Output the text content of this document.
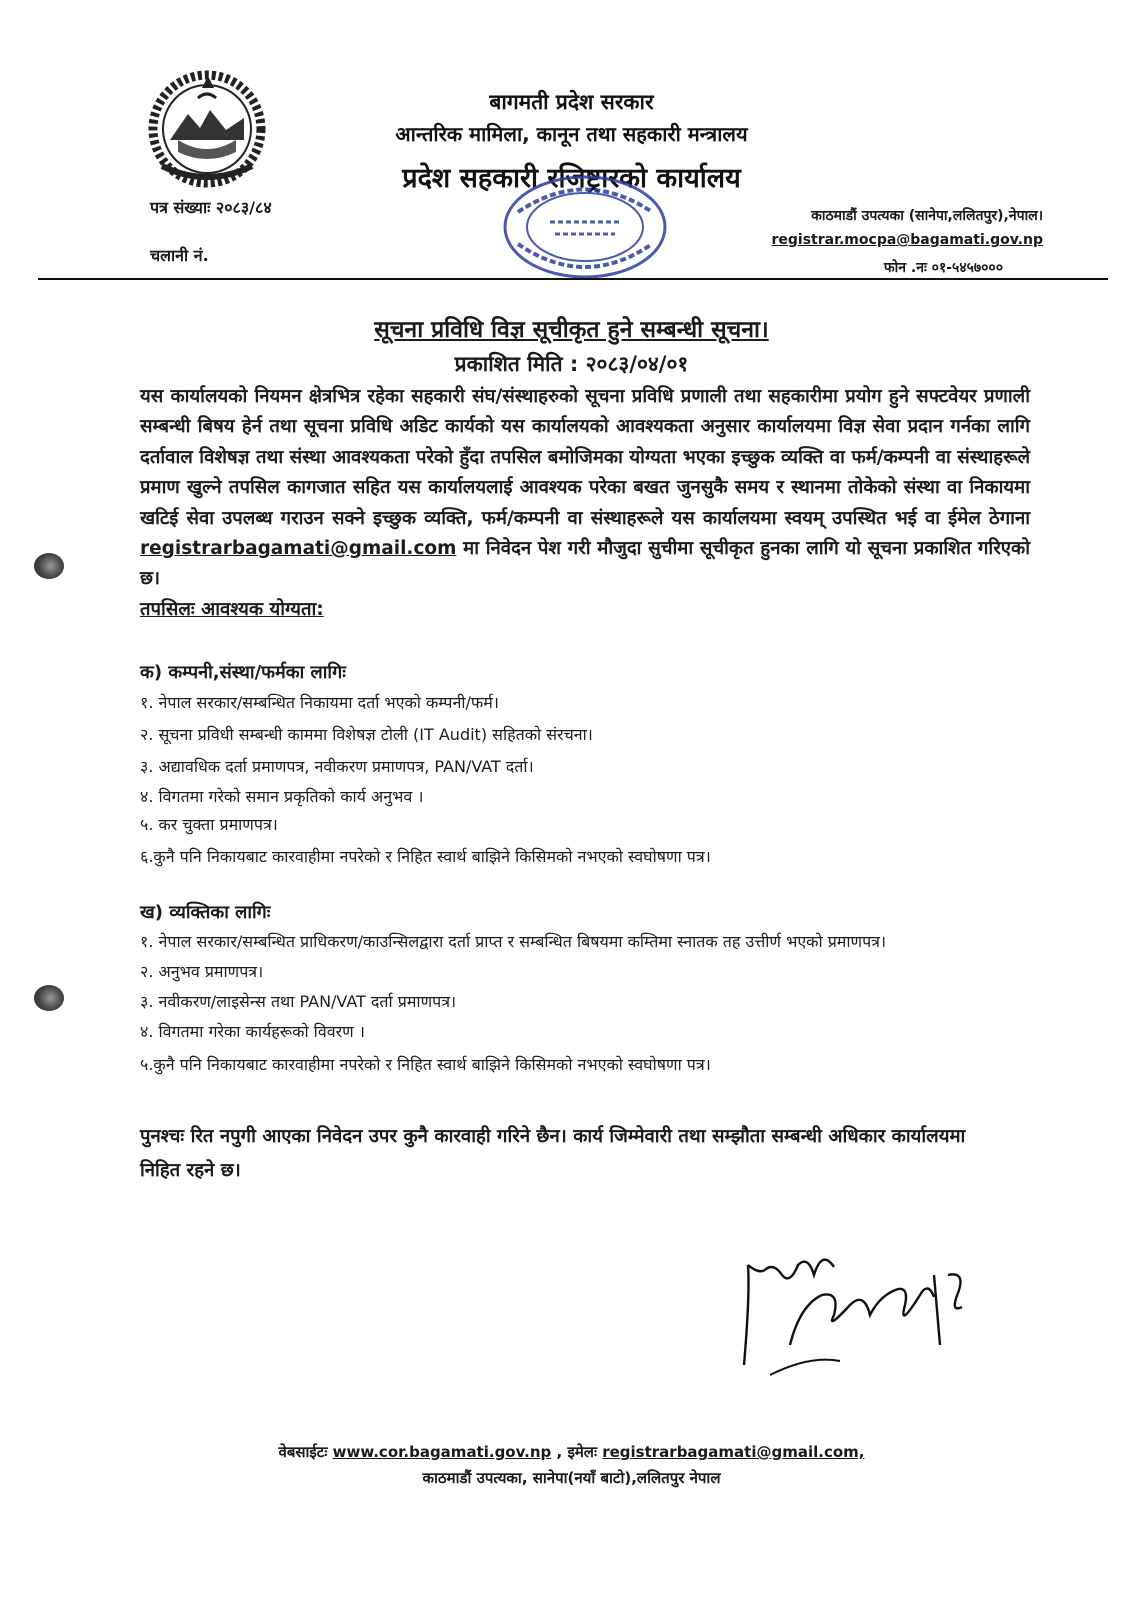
बागमती प्रदेश सरकार
आन्तरिक मामिला, कानून तथा सहकारी मन्त्रालय
प्रदेश सहकारी रजिष्ट्रारको कार्यालय
पत्र संख्याः २०८३/८४
चलानी नं.
काठमाडौं उपत्यका (सानेपा,ललितपुर),नेपाल।
registrar.mocpa@bagamati.gov.np
फोन .नः ०१-५४५७०००
सूचना प्रविधि विज्ञ सूचीकृत हुने सम्बन्धी सूचना।
प्रकाशित मिति : २०८३/०४/०१
यस कार्यालयको नियमन क्षेत्रभित्र रहेका सहकारी संघ/संस्थाहरुको सूचना प्रविधि प्रणाली तथा सहकारीमा प्रयोग हुने सफ्टवेयर प्रणाली सम्बन्धी बिषय हेर्न तथा सूचना प्रविधि अडिट कार्यको यस कार्यालयको आवश्यकता अनुसार कार्यालयमा विज्ञ सेवा प्रदान गर्नका लागि दर्तावाल विशेषज्ञ तथा संस्था आवश्यकता परेको हुँदा तपसिल बमोजिमका योग्यता भएका इच्छुक व्यक्ति वा फर्म/कम्पनी वा संस्थाहरूले प्रमाण खुल्ने तपसिल कागजात सहित यस कार्यालयलाई आवश्यक परेका बखत जुनसुकै समय र स्थानमा तोकेको संस्था वा निकायमा खटिई सेवा उपलब्ध गराउन सक्ने इच्छुक व्यक्ति, फर्म/कम्पनी वा संस्थाहरूले यस कार्यालयमा स्वयम् उपस्थित भई वा ईमेल ठेगाना registrarbagamati@gmail.com मा निवेदन पेश गरी मौजुदा सुचीमा सूचीकृत हुनका लागि यो सूचना प्रकाशित गरिएको छ।
तपसिलः आवश्यक योग्यता:
क) कम्पनी,संस्था/फर्मका लागिः
१. नेपाल सरकार/सम्बन्धित निकायमा दर्ता भएको कम्पनी/फर्म।
२. सूचना प्रविधी सम्बन्धी काममा विशेषज्ञ टोली (IT Audit) सहितको संरचना।
३. अद्यावधिक दर्ता प्रमाणपत्र, नवीकरण प्रमाणपत्र, PAN/VAT दर्ता।
४. विगतमा गरेको समान प्रकृतिको कार्य अनुभव ।
५. कर चुक्ता प्रमाणपत्र।
६.कुनै पनि निकायबाट कारवाहीमा नपरेको र निहित स्वार्थ बाझिने किसिमको नभएको स्वघोषणा पत्र।
ख) व्यक्तिका लागिः
१. नेपाल सरकार/सम्बन्धित प्राधिकरण/काउन्सिलद्वारा दर्ता प्राप्त र सम्बन्धित बिषयमा कम्तिमा स्नातक तह उत्तीर्ण भएको प्रमाणपत्र।
२. अनुभव प्रमाणपत्र।
३. नवीकरण/लाइसेन्स तथा PAN/VAT दर्ता प्रमाणपत्र।
४. विगतमा गरेका कार्यहरूको विवरण ।
५.कुनै पनि निकायबाट कारवाहीमा नपरेको र निहित स्वार्थ बाझिने किसिमको नभएको स्वघोषणा पत्र।
पुनश्चः रित नपुगी आएका निवेदन उपर कुनै कारवाही गरिने छैन। कार्य जिम्मेवारी तथा सम्झौता सम्बन्धी अधिकार कार्यालयमा निहित रहने छ।
वेबसाईटः www.cor.bagamati.gov.np , इमेलः registrarbagamati@gmail.com,
काठमाडौं उपत्यका, सानेपा(नयाँ बाटो),ललितपुर नेपाल
